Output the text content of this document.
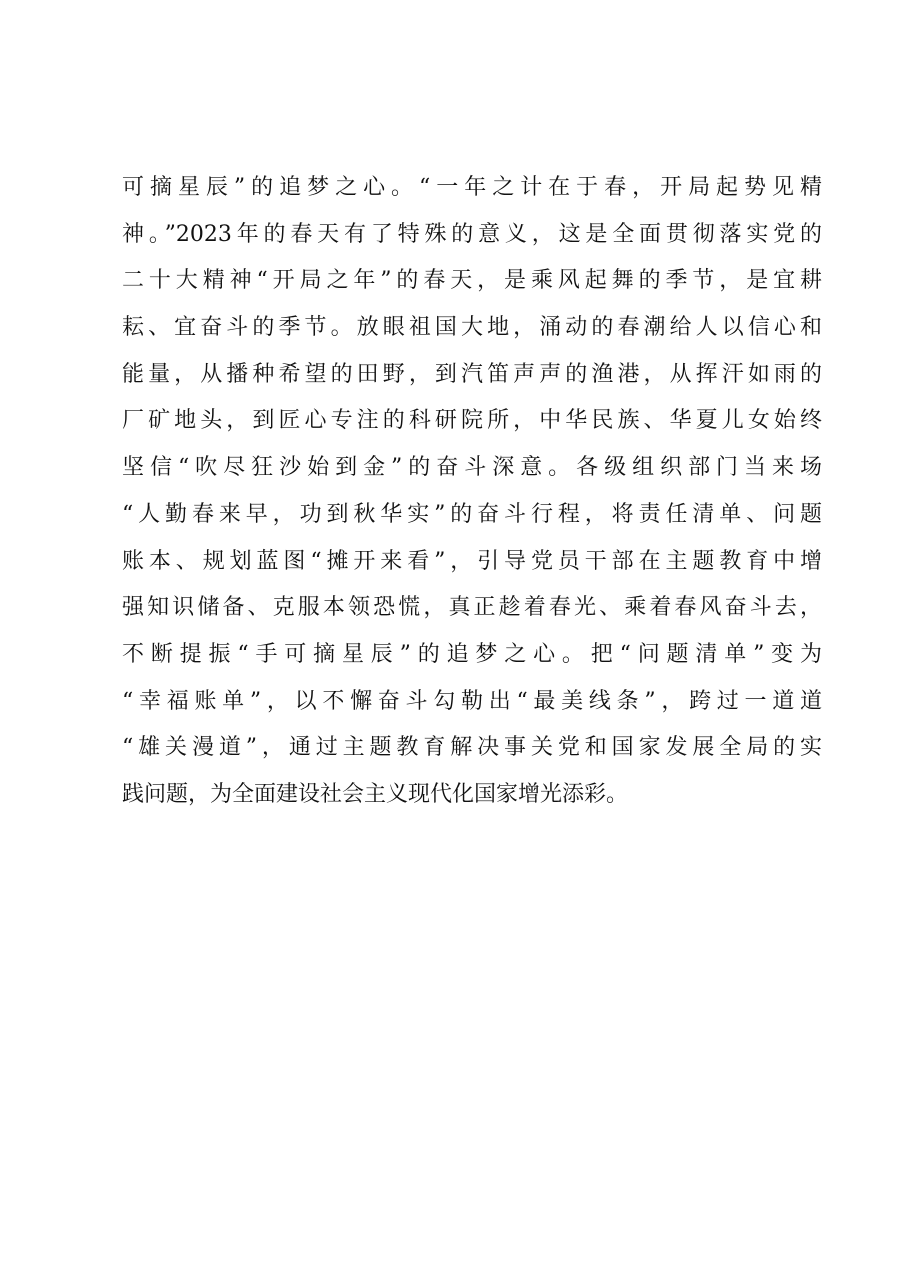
可摘星辰”的追梦之心。“一年之计在于春，开局起势见精
神。”2023年的春天有了特殊的意义，这是全面贯彻落实党的
二十大精神“开局之年”的春天，是乘风起舞的季节，是宜耕
耘、宜奋斗的季节。放眼祖国大地，涌动的春潮给人以信心和
能量，从播种希望的田野，到汽笛声声的渔港，从挥汗如雨的
厂矿地头，到匠心专注的科研院所，中华民族、华夏儿女始终
坚信“吹尽狂沙始到金”的奋斗深意。各级组织部门当来场
“人勤春来早，功到秋华实”的奋斗行程，将责任清单、问题
账本、规划蓝图“摊开来看”，引导党员干部在主题教育中增
强知识储备、克服本领恐慌，真正趁着春光、乘着春风奋斗去，
不断提振“手可摘星辰”的追梦之心。把“问题清单”变为
“幸福账单”，以不懈奋斗勾勒出“最美线条”，跨过一道道
“雄关漫道”，通过主题教育解决事关党和国家发展全局的实
践问题，为全面建设社会主义现代化国家增光添彩。
